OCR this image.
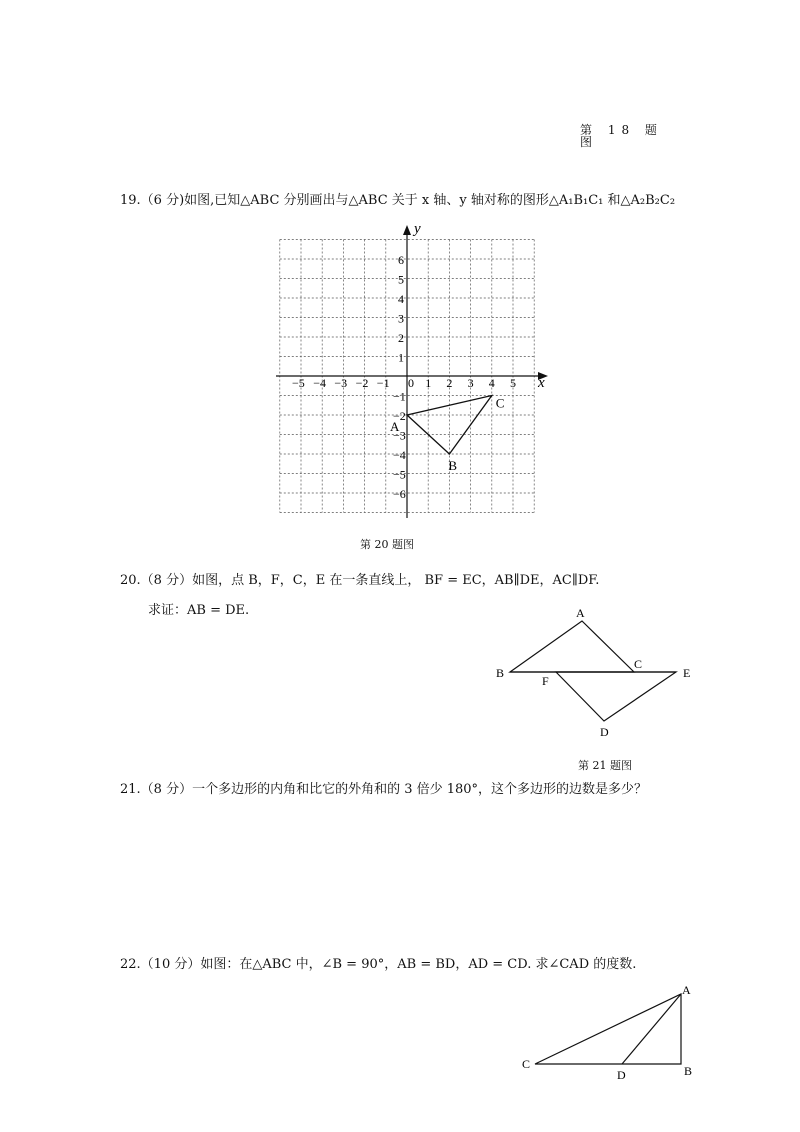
第 18 题
图
19.（6 分)如图,已知△ABC 分别画出与△ABC 关于 x 轴、y 轴对称的图形△A₁B₁C₁ 和△A₂B₂C₂
x
y
0
−5 −4 −3 −2 −1	1 2 3 4 5
6
5
4
3
2
1
−1
−2
−3
−4
−5
−6
A
B
C
第 20 题图
20.（8 分）如图，点 B，F，C，E 在一条直线上， BF = EC，AB∥DE，AC∥DF.
求证：AB = DE.	A
B
C
D
E
F
第 21 题图
21.（8 分）一个多边形的内角和比它的外角和的 3 倍少 180°，这个多边形的边数是多少？
22.（10 分）如图：在△ABC 中，∠B = 90°，AB = BD，AD = CD. 求∠CAD 的度数.
A
B
C
D
